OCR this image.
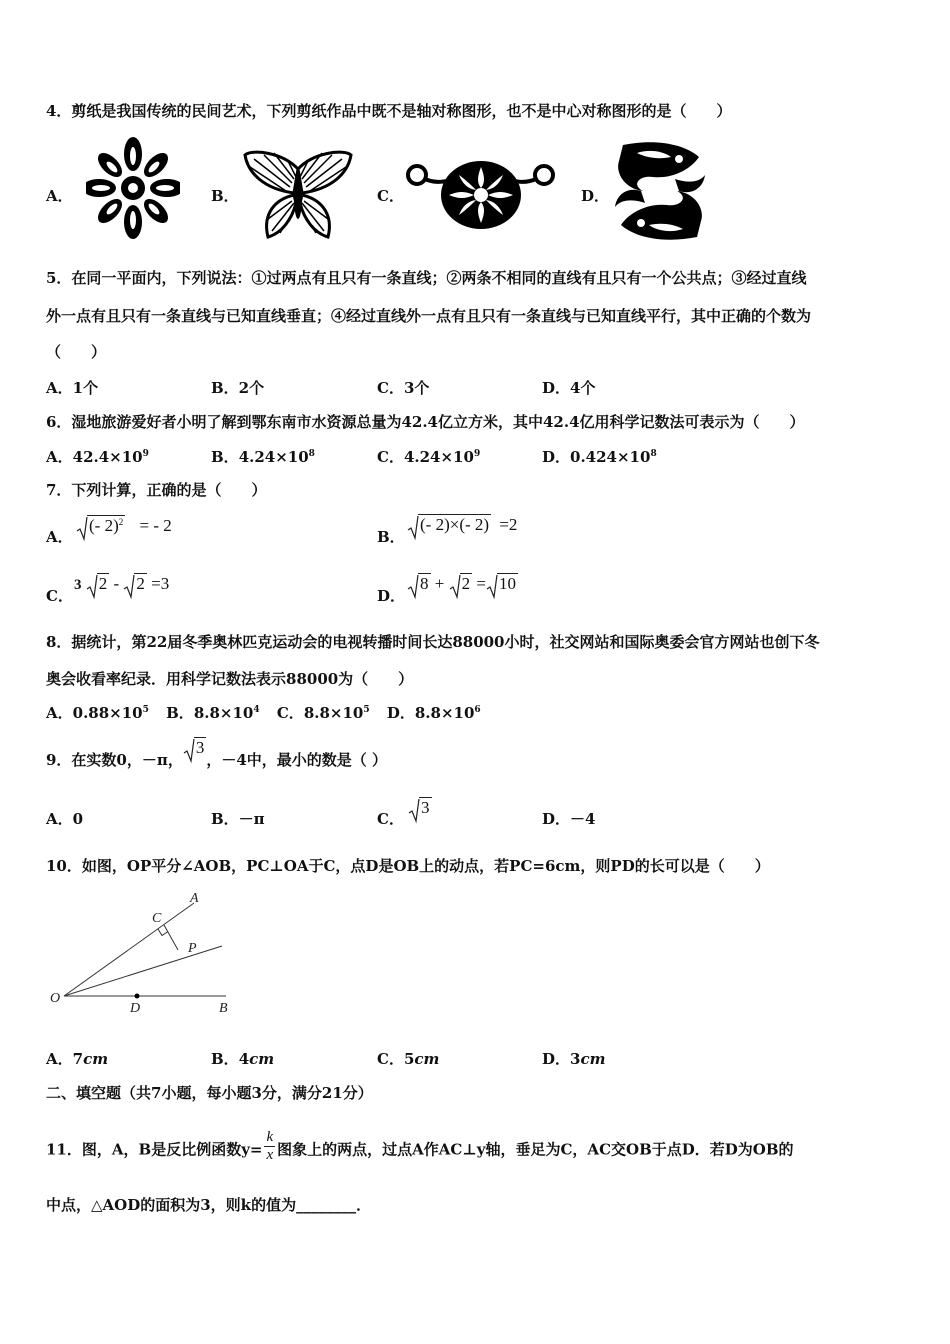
4．剪纸是我国传统的民间艺术，下列剪纸作品中既不是轴对称图形，也不是中心对称图形的是（　　）
A．	B．	C．	D．
5．在同一平面内，下列说法：①过两点有且只有一条直线；②两条不相同的直线有且只有一个公共点；③经过直线
外一点有且只有一条直线与已知直线垂直；④经过直线外一点有且只有一条直线与已知直线平行，其中正确的个数为
（　　）
A．1个	B．2个	C．3个	D．4个
6．湿地旅游爱好者小明了解到鄂东南市水资源总量为42.4亿立方米，其中42.4亿用科学记数法可表示为（　　）
A．$42.4\times 10^9$	B．$4.24\times 10^8$	C．$4.24\times 10^9$	D．$0.424\times 10^8$
7．下列计算，正确的是（　　）
A．
(- 2)$^2$ = - 2
B．
(- 2)×(- 2) =2
C．
3 2 -
2 =3
D．
8 +
2 = 10
8．据统计，第22届冬季奥林匹克运动会的电视转播时间长达88000小时，社交网站和国际奥委会官方网站也创下冬
奥会收看率纪录．用科学记数法表示88000为（　　）
A．$0.88\times 10^5$ B．$8.8\times 10^4$ C．$8.8\times 10^5$ D．$8.8\times 10^6$
9．在实数0，－π，
3，－4中，最小的数是（ ）
A．0	B．－π	C．
3
D．－4
10．如图，OP平分∠AOB，PC⊥OA于C，点D是OB上的动点，若PC=6cm，则PD的长可以是（　　）
A
C
P
O
D	B
A．7cm	B．4cm	C．5cm	D．3cm
二、填空题（共7小题，每小题3分，满分21分）
11．图，A，B是反比例函数$y= \frac{k}{x}$ 图象上的两点，过点A作AC⊥y轴，垂足为C，AC交OB于点D．若D为OB的
中点，△AOD的面积为3，则k的值为________．
